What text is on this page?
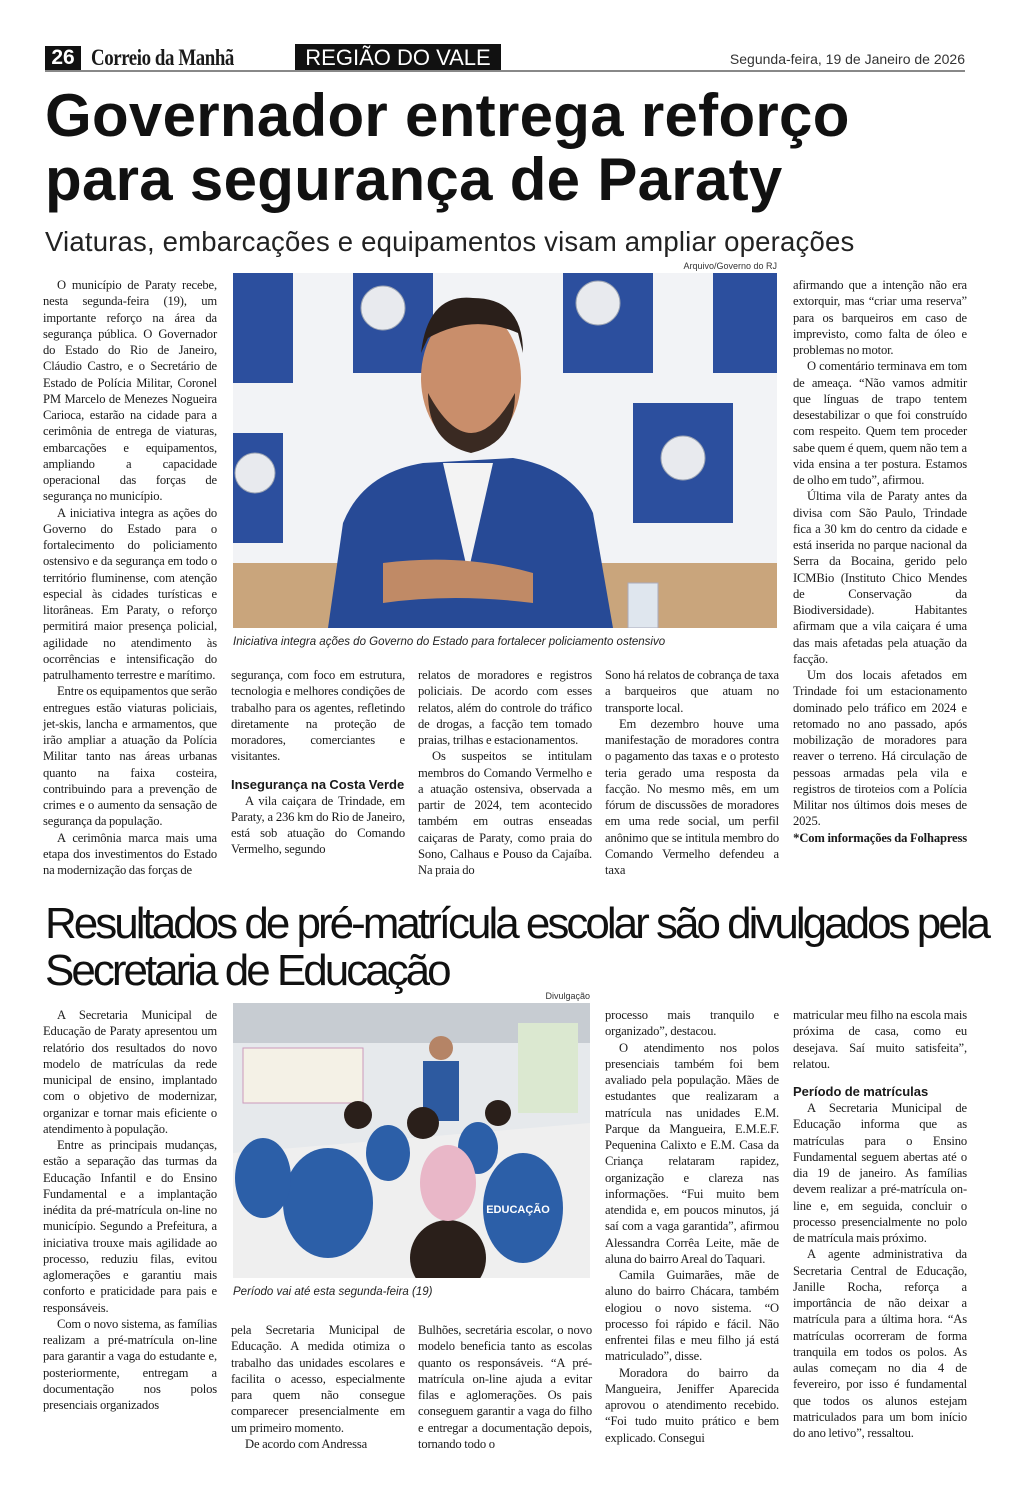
26 Correio da Manhã	REGIÃO DO VALE	Segunda-feira, 19 de Janeiro de 2026
Governador entrega reforço para segurança de Paraty
Viaturas, embarcações e equipamentos visam ampliar operações
Arquivo/Governo do RJ
Iniciativa integra ações do Governo do Estado para fortalecer policiamento ostensivo

O município de Paraty recebe, nesta segunda-feira (19), um importante reforço na área da segurança pública. O Governador do Estado do Rio de Janeiro, Cláudio Castro, e o Secretário de Estado de Polícia Militar, Coronel PM Marcelo de Menezes Nogueira Carioca, estarão na cidade para a cerimônia de entrega de viaturas, embarcações e equipamentos, ampliando a capacidade operacional das forças de segurança no município.

A iniciativa integra as ações do Governo do Estado para o fortalecimento do policiamento ostensivo e da segurança em todo o território fluminense, com atenção especial às cidades turísticas e litorâneas. Em Paraty, o reforço permitirá maior presença policial, agilidade no atendimento às ocorrências e intensificação do patrulhamento terrestre e marítimo.

Entre os equipamentos que serão entregues estão viaturas policiais, jet-skis, lancha e armamentos, que irão ampliar a atuação da Polícia Militar tanto nas áreas urbanas quanto na faixa costeira, contribuindo para a prevenção de crimes e o aumento da sensação de segurança da população.

A cerimônia marca mais uma etapa dos investimentos do Estado na modernização das forças de

segurança, com foco em estrutura, tecnologia e melhores condições de trabalho para os agentes, refletindo diretamente na proteção de moradores, comerciantes e visitantes.

Insegurança na Costa Verde

A vila caiçara de Trindade, em Paraty, a 236 km do Rio de Janeiro, está sob atuação do Comando Vermelho, segundo

relatos de moradores e registros policiais. De acordo com esses relatos, além do controle do tráfico de drogas, a facção tem tomado praias, trilhas e estacionamentos.

Os suspeitos se intitulam membros do Comando Vermelho e a atuação ostensiva, observada a partir de 2024, tem acontecido também em outras enseadas caiçaras de Paraty, como praia do Sono, Calhaus e Pouso da Cajaíba. Na praia do

Sono há relatos de cobrança de taxa a barqueiros que atuam no transporte local.

Em dezembro houve uma manifestação de moradores contra o pagamento das taxas e o protesto teria gerado uma resposta da facção. No mesmo mês, em um fórum de discussões de moradores em uma rede social, um perfil anônimo que se intitula membro do Comando Vermelho defendeu a taxa

afirmando que a intenção não era extorquir, mas “criar uma reserva” para os barqueiros em caso de imprevisto, como falta de óleo e problemas no motor.

O comentário terminava em tom de ameaça. “Não vamos admitir que línguas de trapo tentem desestabilizar o que foi construído com respeito. Quem tem proceder sabe quem é quem, quem não tem a vida ensina a ter postura. Estamos de olho em tudo”, afirmou.

Última vila de Paraty antes da divisa com São Paulo, Trindade fica a 30 km do centro da cidade e está inserida no parque nacional da Serra da Bocaina, gerido pelo ICMBio (Instituto Chico Mendes de Conservação da Biodiversidade). Habitantes afirmam que a vila caiçara é uma das mais afetadas pela atuação da facção.

Um dos locais afetados em Trindade foi um estacionamento dominado pelo tráfico em 2024 e retomado no ano passado, após mobilização de moradores para reaver o terreno. Há circulação de pessoas armadas pela vila e registros de tiroteios com a Polícia Militar nos últimos dois meses de 2025.

*Com informações da Folhapress

Resultados de pré-matrícula escolar são divulgados pela Secretaria de Educação
Divulgação
EDUCAÇÃO
Período vai até esta segunda-feira (19)

A Secretaria Municipal de Educação de Paraty apresentou um relatório dos resultados do novo modelo de matrículas da rede municipal de ensino, implantado com o objetivo de modernizar, organizar e tornar mais eficiente o atendimento à população.

Entre as principais mudanças, estão a separação das turmas da Educação Infantil e do Ensino Fundamental e a implantação inédita da pré-matrícula on-line no município. Segundo a Prefeitura, a iniciativa trouxe mais agilidade ao processo, reduziu filas, evitou aglomerações e garantiu mais conforto e praticidade para pais e responsáveis.

Com o novo sistema, as famílias realizam a pré-matrícula on-line para garantir a vaga do estudante e, posteriormente, entregam a documentação nos polos presenciais organizados

pela Secretaria Municipal de Educação. A medida otimiza o trabalho das unidades escolares e facilita o acesso, especialmente para quem não consegue comparecer presencialmente em um primeiro momento.

De acordo com Andressa

Bulhões, secretária escolar, o novo modelo beneficia tanto as escolas quanto os responsáveis. “A pré-matrícula on-line ajuda a evitar filas e aglomerações. Os pais conseguem garantir a vaga do filho e entregar a documentação depois, tornando todo o

processo mais tranquilo e organizado”, destacou.

O atendimento nos polos presenciais também foi bem avaliado pela população. Mães de estudantes que realizaram a matrícula nas unidades E.M. Parque da Mangueira, E.M.E.F. Pequenina Calixto e E.M. Casa da Criança relataram rapidez, organização e clareza nas informações. “Fui muito bem atendida e, em poucos minutos, já saí com a vaga garantida”, afirmou Alessandra Corrêa Leite, mãe de aluna do bairro Areal do Taquari.

Camila Guimarães, mãe de aluno do bairro Chácara, também elogiou o novo sistema. “O processo foi rápido e fácil. Não enfrentei filas e meu filho já está matriculado”, disse.

Moradora do bairro da Mangueira, Jeniffer Aparecida aprovou o atendimento recebido. “Foi tudo muito prático e bem explicado. Consegui

matricular meu filho na escola mais próxima de casa, como eu desejava. Saí muito satisfeita”, relatou.

Período de matrículas

A Secretaria Municipal de Educação informa que as matrículas para o Ensino Fundamental seguem abertas até o dia 19 de janeiro. As famílias devem realizar a pré-matrícula on-line e, em seguida, concluir o processo presencialmente no polo de matrícula mais próximo.

A agente administrativa da Secretaria Central de Educação, Janille Rocha, reforça a importância de não deixar a matrícula para a última hora. “As matrículas ocorreram de forma tranquila em todos os polos. As aulas começam no dia 4 de fevereiro, por isso é fundamental que todos os alunos estejam matriculados para um bom início do ano letivo”, ressaltou.
